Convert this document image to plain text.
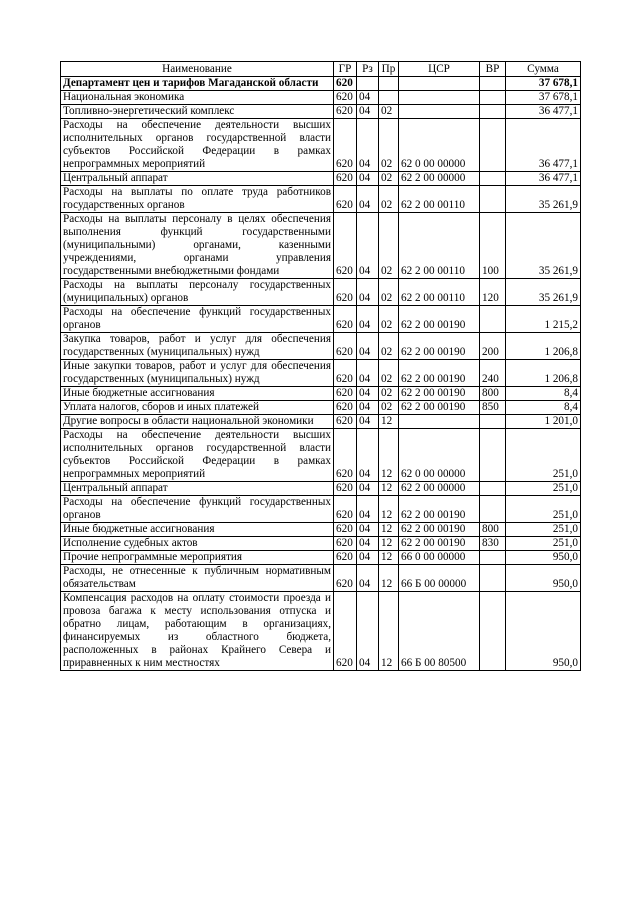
Наименование	ГР	Рз	Пр	ЦСР	ВР	Сумма
Департамент цен и тарифов Магаданской области	620					37 678,1
Национальная экономика	620	04				37 678,1
Топливно-энергетический комплекс	620	04	02			36 477,1
Расходы на обеспечение деятельности высших исполнительных органов государственной власти субъектов Российской Федерации в рамках непрограммных мероприятий	620	04	02	62 0 00 00000		36 477,1
Центральный аппарат	620	04	02	62 2 00 00000		36 477,1
Расходы на выплаты по оплате труда работников государственных органов	620	04	02	62 2 00 00110		35 261,9
Расходы на выплаты персоналу в целях обеспечения выполнения функций государственными (муниципальными) органами, казенными учреждениями, органами управления государственными внебюджетными фондами	620	04	02	62 2 00 00110	100	35 261,9
Расходы на выплаты персоналу государственных (муниципальных) органов	620	04	02	62 2 00 00110	120	35 261,9
Расходы на обеспечение функций государственных органов	620	04	02	62 2 00 00190		1 215,2
Закупка товаров, работ и услуг для обеспечения государственных (муниципальных) нужд	620	04	02	62 2 00 00190	200	1 206,8
Иные закупки товаров, работ и услуг для обеспечения государственных (муниципальных) нужд	620	04	02	62 2 00 00190	240	1 206,8
Иные бюджетные ассигнования	620	04	02	62 2 00 00190	800	8,4
Уплата налогов, сборов и иных платежей	620	04	02	62 2 00 00190	850	8,4
Другие вопросы в области национальной экономики	620	04	12			1 201,0
Расходы на обеспечение деятельности высших исполнительных органов государственной власти субъектов Российской Федерации в рамках непрограммных мероприятий	620	04	12	62 0 00 00000		251,0
Центральный аппарат	620	04	12	62 2 00 00000		251,0
Расходы на обеспечение функций государственных органов	620	04	12	62 2 00 00190		251,0
Иные бюджетные ассигнования	620	04	12	62 2 00 00190	800	251,0
Исполнение судебных актов	620	04	12	62 2 00 00190	830	251,0
Прочие непрограммные мероприятия	620	04	12	66 0 00 00000		950,0
Расходы, не отнесенные к публичным нормативным обязательствам	620	04	12	66 Б 00 00000		950,0
Компенсация расходов на оплату стоимости проезда и провоза багажа к месту использования отпуска и обратно лицам, работающим в организациях, финансируемых из областного бюджета, расположенных в районах Крайнего Севера и приравненных к ним местностях	620	04	12	66 Б 00 80500		950,0
